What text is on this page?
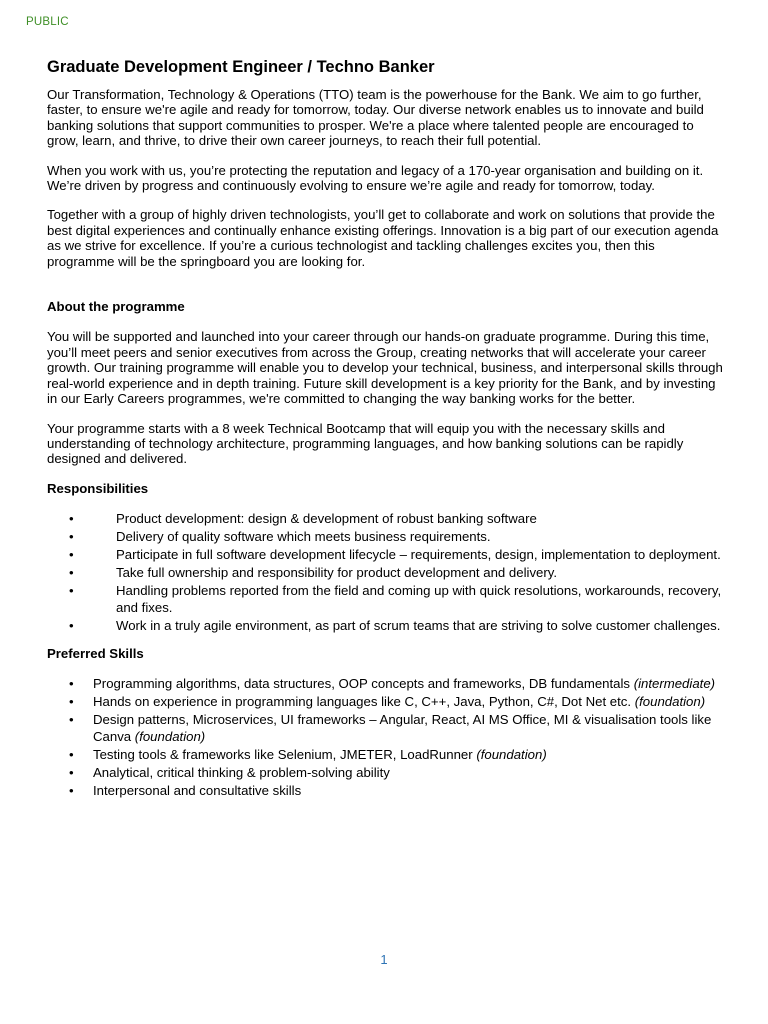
PUBLIC
Graduate Development Engineer / Techno Banker

Our Transformation, Technology & Operations (TTO) team is the powerhouse for the Bank. We aim to go further, faster, to ensure we're agile and ready for tomorrow, today. Our diverse network enables us to innovate and build banking solutions that support communities to prosper. We're a place where talented people are encouraged to grow, learn, and thrive, to drive their own career journeys, to reach their full potential.

When you work with us, you’re protecting the reputation and legacy of a 170-year organisation and building on it. We’re driven by progress and continuously evolving to ensure we’re agile and ready for tomorrow, today.

Together with a group of highly driven technologists, you’ll get to collaborate and work on solutions that provide the best digital experiences and continually enhance existing offerings. Innovation is a big part of our execution agenda as we strive for excellence. If you’re a curious technologist and tackling challenges excites you, then this programme will be the springboard you are looking for.

About the programme

You will be supported and launched into your career through our hands-on graduate programme. During this time, you’ll meet peers and senior executives from across the Group, creating networks that will accelerate your career growth. Our training programme will enable you to develop your technical, business, and interpersonal skills through real-world experience and in depth training. Future skill development is a key priority for the Bank, and by investing in our Early Careers programmes, we're committed to changing the way banking works for the better.

Your programme starts with a 8 week Technical Bootcamp that will equip you with the necessary skills and understanding of technology architecture, programming languages, and how banking solutions can be rapidly designed and delivered.

Responsibilities
•	Product development: design & development of robust banking software
•	Delivery of quality software which meets business requirements.
•	Participate in full software development lifecycle – requirements, design, implementation to deployment.
•	Take full ownership and responsibility for product development and delivery.
•	Handling problems reported from the field and coming up with quick resolutions, workarounds, recovery, and fixes.
•	Work in a truly agile environment, as part of scrum teams that are striving to solve customer challenges.
Preferred Skills
• Programming algorithms, data structures, OOP concepts and frameworks, DB fundamentals (intermediate)
• Hands on experience in programming languages like C, C++, Java, Python, C#, Dot Net etc. (foundation)
• Design patterns, Microservices, UI frameworks – Angular, React, AI MS Office, MI & visualisation tools like Canva (foundation)
• Testing tools & frameworks like Selenium, JMETER, LoadRunner (foundation)
• Analytical, critical thinking & problem-solving ability
• Interpersonal and consultative skills
1
